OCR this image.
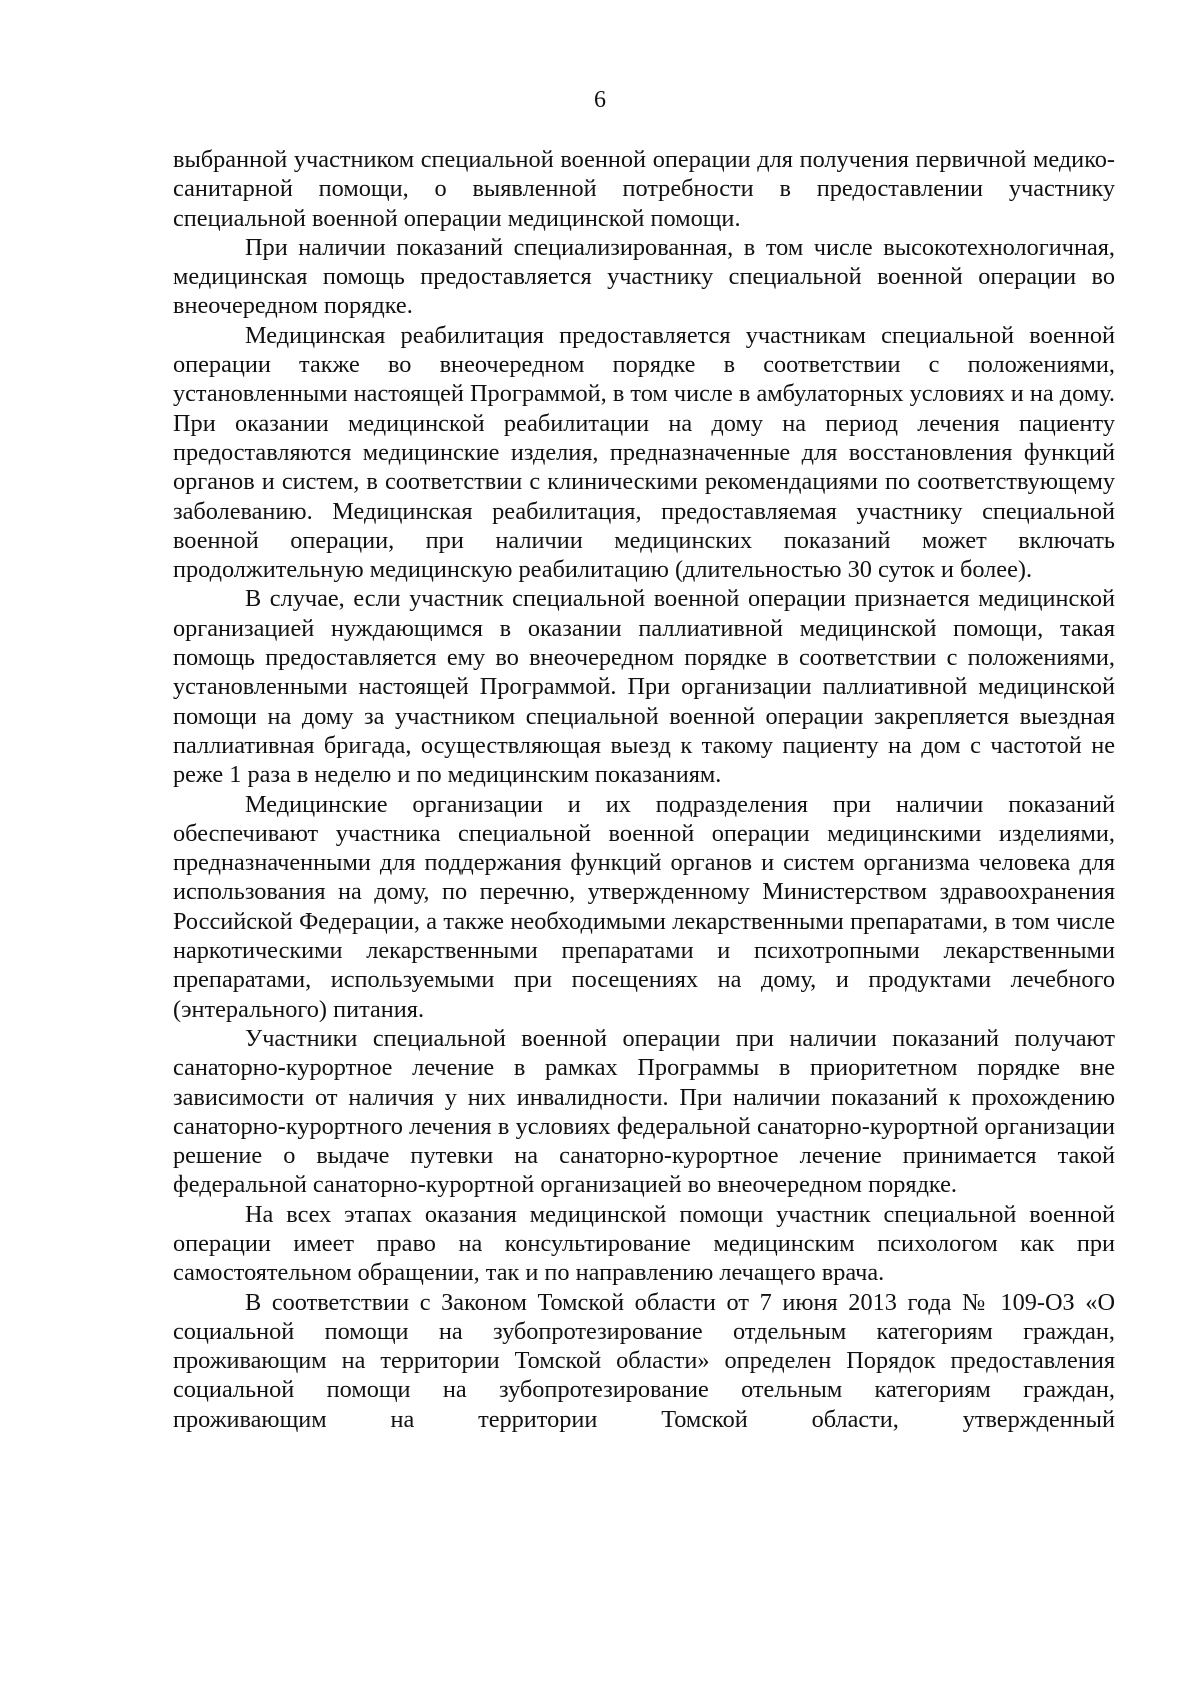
6

выбранной участником специальной военной операции для получения первичной медико-санитарной помощи, о выявленной потребности в предоставлении участнику специальной военной операции медицинской помощи.

При наличии показаний специализированная, в том числе высокотехнологичная, медицинская помощь предоставляется участнику специальной военной операции во внеочередном порядке.

Медицинская реабилитация предоставляется участникам специальной военной операции также во внеочередном порядке в соответствии с положениями, установленными настоящей Программой, в том числе в амбулаторных условиях и на дому. При оказании медицинской реабилитации на дому на период лечения пациенту предоставляются медицинские изделия, предназначенные для восстановления функций органов и систем, в соответствии с клиническими рекомендациями по соответствующему заболеванию. Медицинская реабилитация, предоставляемая участнику специальной военной операции, при наличии медицинских показаний может включать продолжительную медицинскую реабилитацию (длительностью 30 суток и более).

В случае, если участник специальной военной операции признается медицинской организацией нуждающимся в оказании паллиативной медицинской помощи, такая помощь предоставляется ему во внеочередном порядке в соответствии с положениями, установленными настоящей Программой. При организации паллиативной медицинской помощи на дому за участником специальной военной операции закрепляется выездная паллиативная бригада, осуществляющая выезд к такому пациенту на дом с частотой не реже 1 раза в неделю и по медицинским показаниям.

Медицинские организации и их подразделения при наличии показаний обеспечивают участника специальной военной операции медицинскими изделиями, предназначенными для поддержания функций органов и систем организма человека для использования на дому, по перечню, утвержденному Министерством здравоохранения Российской Федерации, а также необходимыми лекарственными препаратами, в том числе наркотическими лекарственными препаратами и психотропными лекарственными препаратами, используемыми при посещениях на дому, и продуктами лечебного (энтерального) питания.

Участники специальной военной операции при наличии показаний получают санаторно-курортное лечение в рамках Программы в приоритетном порядке вне зависимости от наличия у них инвалидности. При наличии показаний к прохождению санаторно-курортного лечения в условиях федеральной санаторно-курортной организации решение о выдаче путевки на санаторно-курортное лечение принимается такой федеральной санаторно-курортной организацией во внеочередном порядке.

На всех этапах оказания медицинской помощи участник специальной военной операции имеет право на консультирование медицинским психологом как при самостоятельном обращении, так и по направлению лечащего врача.

В соответствии с Законом Томской области от 7 июня 2013 года № 109-ОЗ «О социальной помощи на зубопротезирование отдельным категориям граждан, проживающим на территории Томской области» определен Порядок предоставления социальной помощи на зубопротезирование отельным категориям граждан, проживающим на территории Томской области, утвержденный
